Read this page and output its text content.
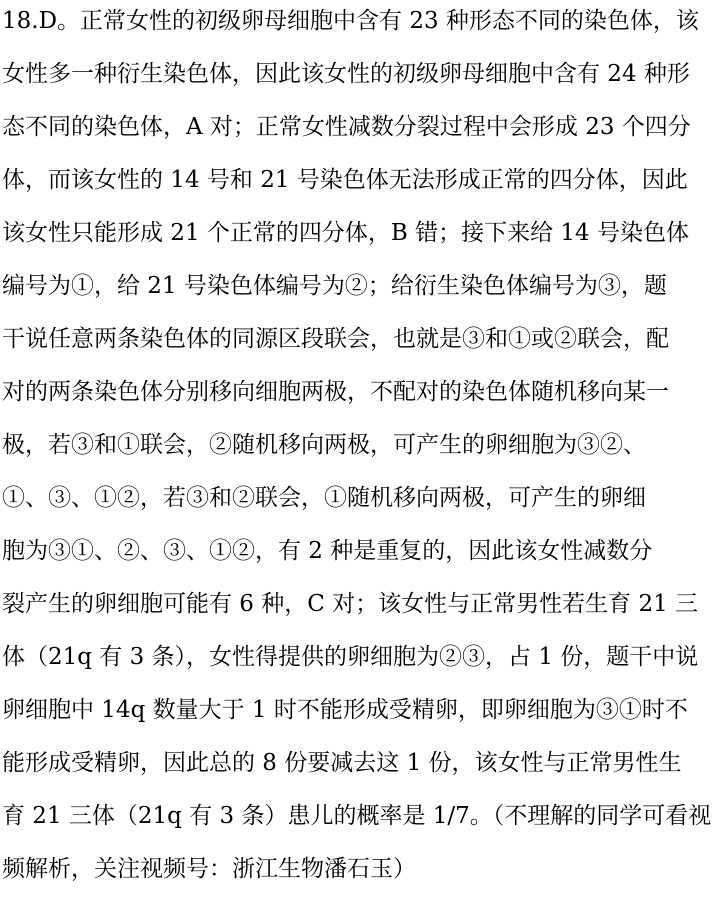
18.D。正常女性的初级卵母细胞中含有 23 种形态不同的染色体，该
女性多一种衍生染色体，因此该女性的初级卵母细胞中含有 24 种形
态不同的染色体，A 对；正常女性减数分裂过程中会形成 23 个四分
体，而该女性的 14 号和 21 号染色体无法形成正常的四分体，因此
该女性只能形成 21 个正常的四分体，B 错；接下来给 14 号染色体
编号为①，给 21 号染色体编号为②；给衍生染色体编号为③，题
干说任意两条染色体的同源区段联会，也就是③和①或②联会，配
对的两条染色体分别移向细胞两极，不配对的染色体随机移向某一
极，若③和①联会，②随机移向两极，可产生的卵细胞为③②、
①、③、①②，若③和②联会，①随机移向两极，可产生的卵细
胞为③①、②、③、①②，有 2 种是重复的，因此该女性减数分
裂产生的卵细胞可能有 6 种，C 对；该女性与正常男性若生育 21 三
体（21q 有 3 条），女性得提供的卵细胞为②③，占 1 份，题干中说
卵细胞中 14q 数量大于 1 时不能形成受精卵，即卵细胞为③①时不
能形成受精卵，因此总的 8 份要减去这 1 份，该女性与正常男性生
育 21 三体（21q 有 3 条）患儿的概率是 1/7。（不理解的同学可看视
频解析，关注视频号：浙江生物潘石玉）
